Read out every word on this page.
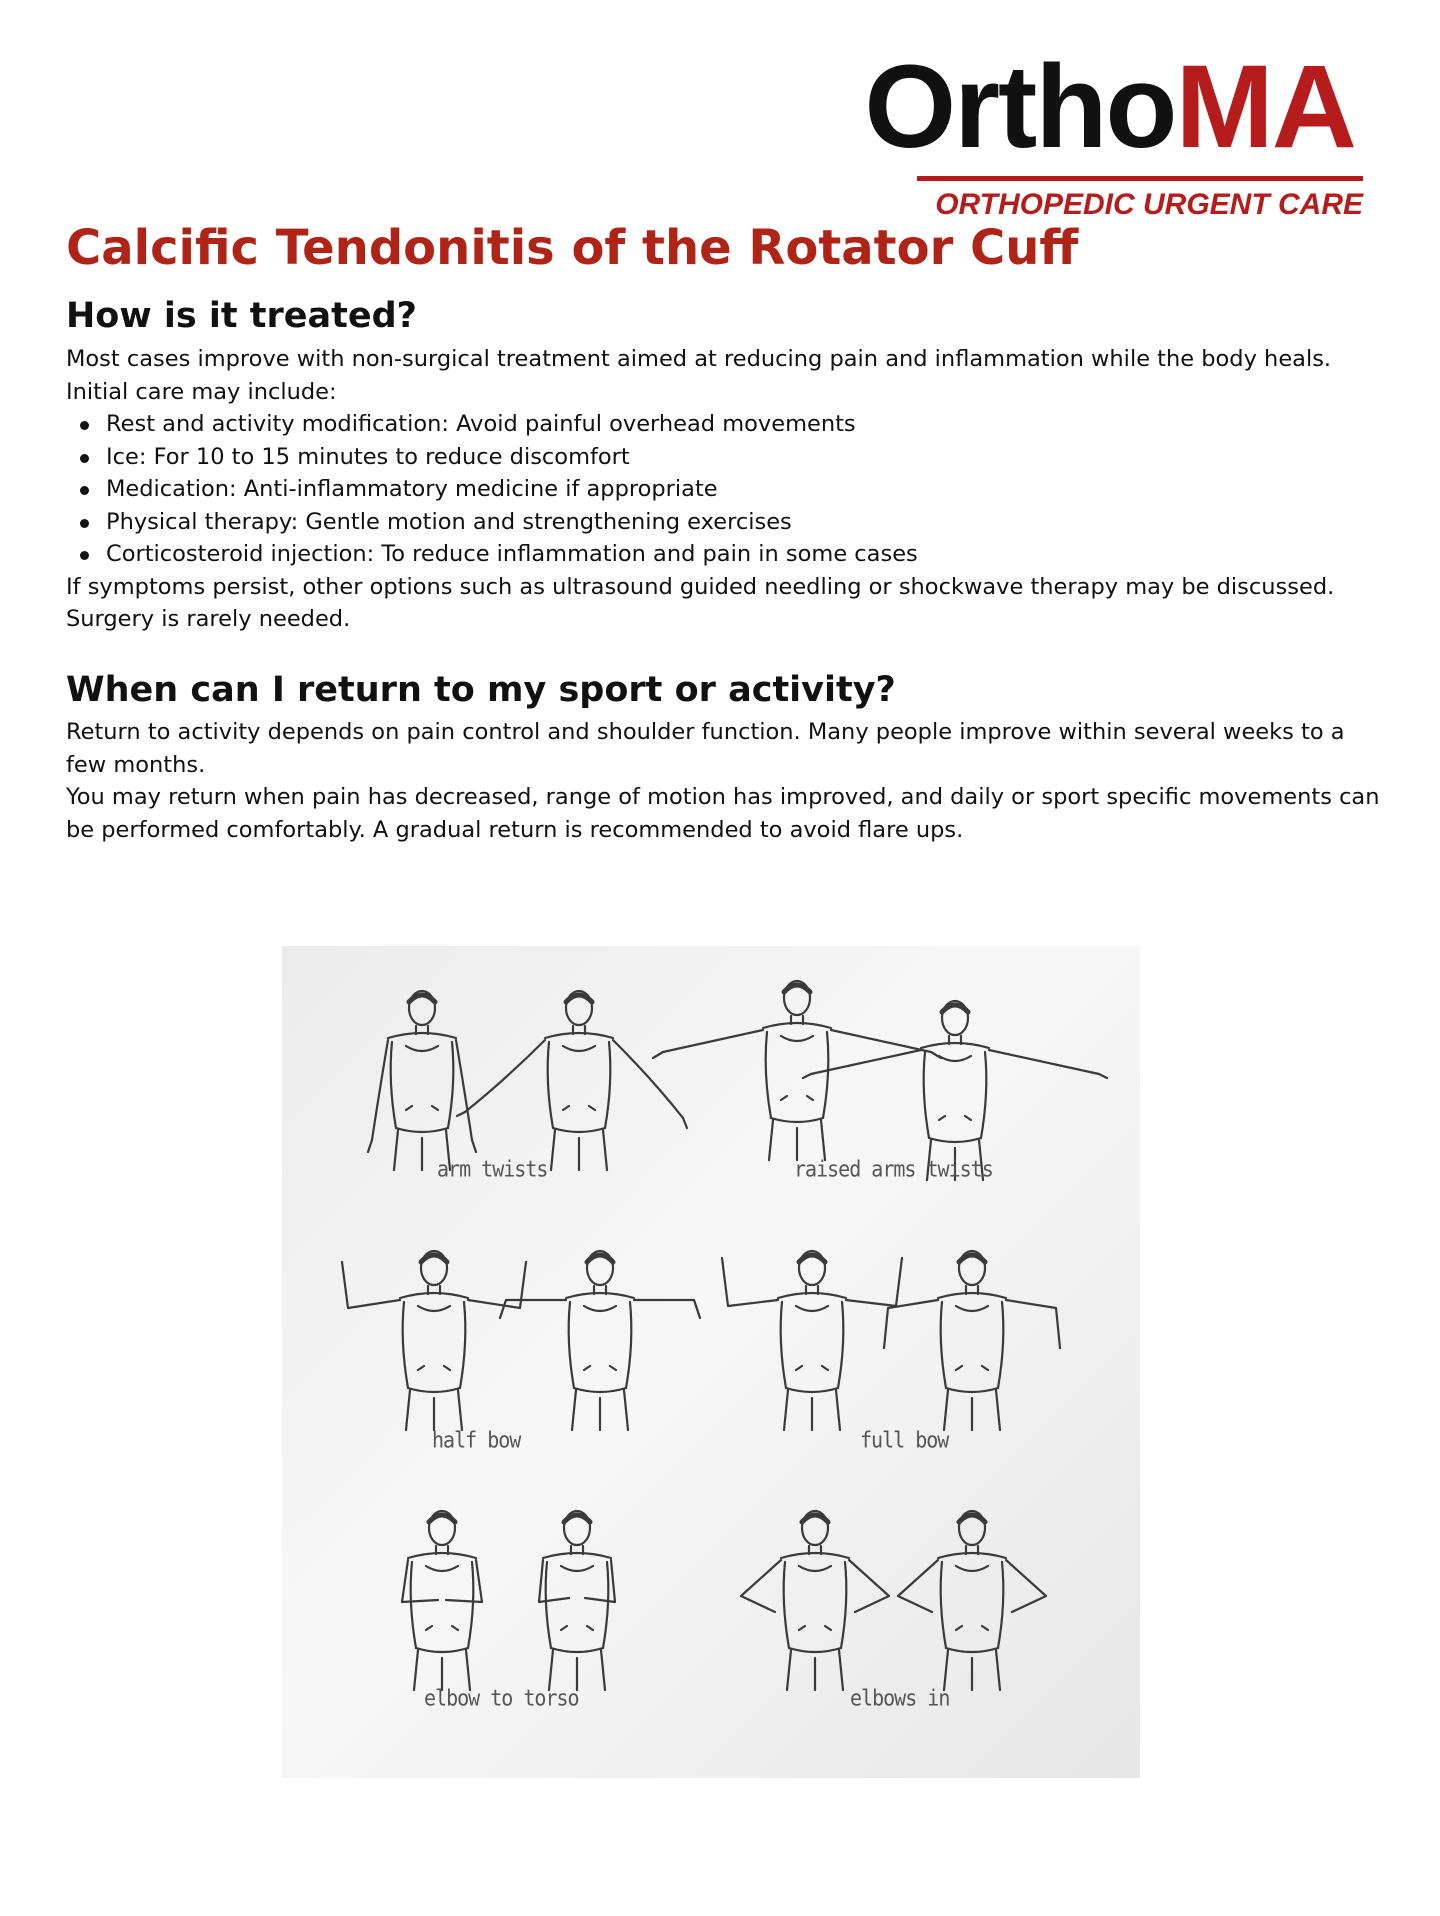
OrthoMA
ORTHOPEDIC URGENT CARE
Calcific Tendonitis of the Rotator Cuff
How is it treated?

Most cases improve with non-surgical treatment aimed at reducing pain and inflammation while the body heals.

Initial care may include:

Rest and activity modification: Avoid painful overhead movements
Ice: For 10 to 15 minutes to reduce discomfort
Medication: Anti-inflammatory medicine if appropriate
Physical therapy: Gentle motion and strengthening exercises
Corticosteroid injection: To reduce inflammation and pain in some cases

If symptoms persist, other options such as ultrasound guided needling or shockwave therapy may be discussed.

Surgery is rarely needed.

When can I return to my sport or activity?

Return to activity depends on pain control and shoulder function. Many people improve within several weeks to a few months.

You may return when pain has decreased, range of motion has improved, and daily or sport specific movements can be performed comfortably. A gradual return is recommended to avoid flare ups.

arm twists	raised arms twists
half bow	full bow
elbow to torso	elbows in
